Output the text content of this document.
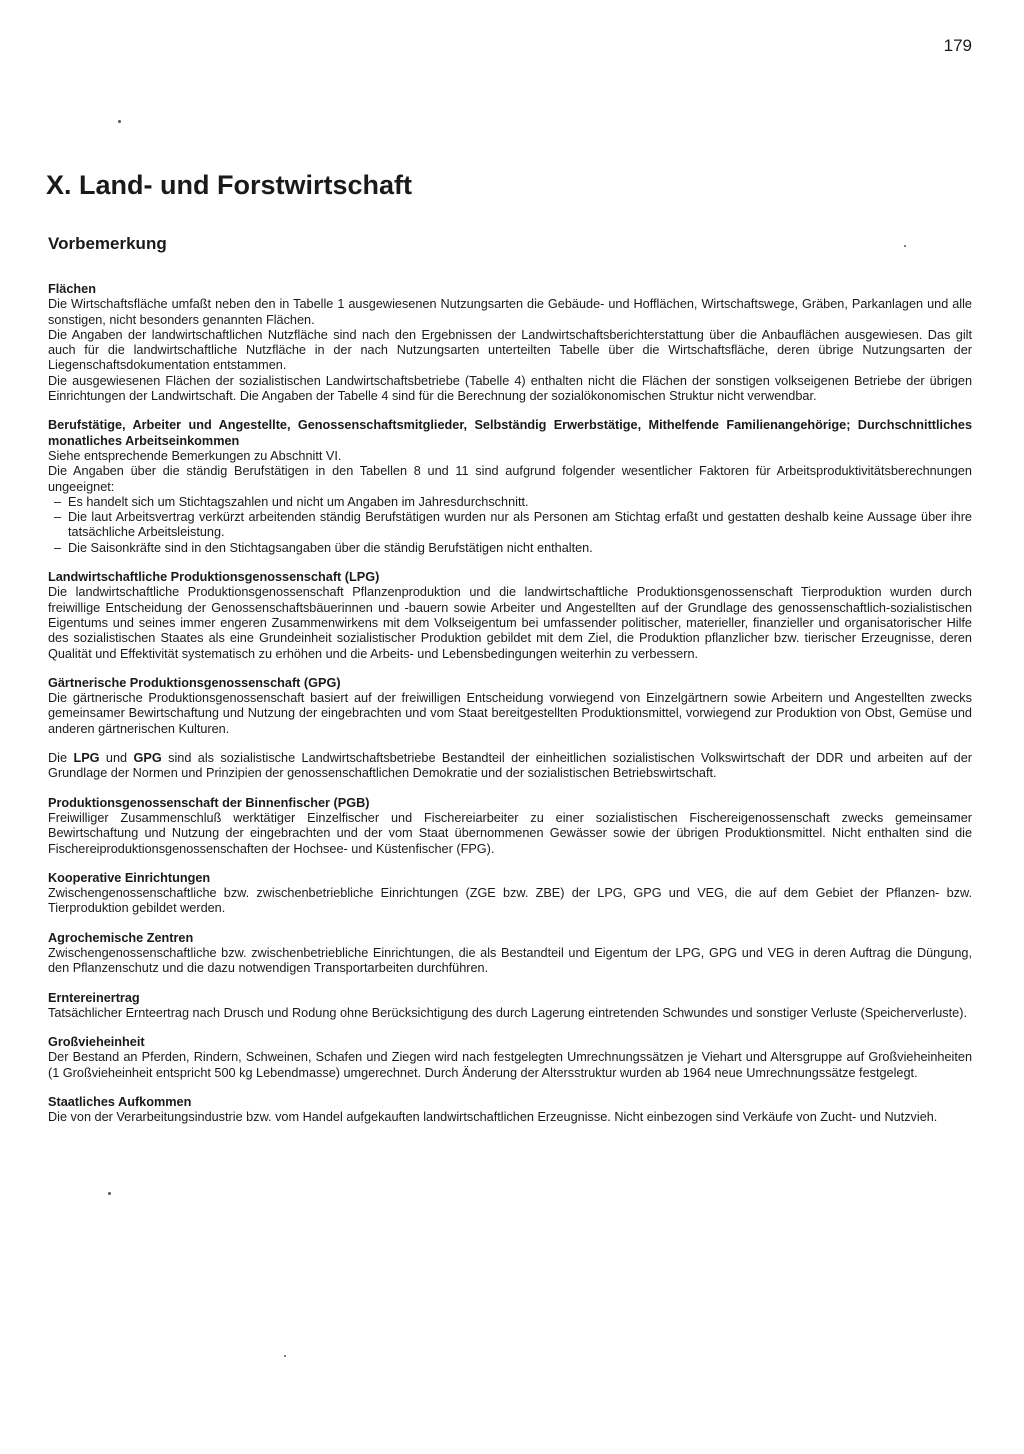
179
X. Land- und Forstwirtschaft
Vorbemerkung
Flächen
Die Wirtschaftsfläche umfaßt neben den in Tabelle 1 ausgewiesenen Nutzungsarten die Gebäude- und Hofflächen, Wirtschaftswege, Gräben, Parkanlagen und alle sonstigen, nicht besonders genannten Flächen.
Die Angaben der landwirtschaftlichen Nutzfläche sind nach den Ergebnissen der Landwirtschaftsberichterstattung über die Anbauflächen ausgewiesen. Das gilt auch für die landwirtschaftliche Nutzfläche in der nach Nutzungsarten unterteilten Tabelle über die Wirtschaftsfläche, deren übrige Nutzungsarten der Liegenschaftsdokumentation entstammen.
Die ausgewiesenen Flächen der sozialistischen Landwirtschaftsbetriebe (Tabelle 4) enthalten nicht die Flächen der sonstigen volkseigenen Betriebe der übrigen Einrichtungen der Landwirtschaft. Die Angaben der Tabelle 4 sind für die Berechnung der sozialökonomischen Struktur nicht verwendbar.
Berufstätige, Arbeiter und Angestellte, Genossenschaftsmitglieder, Selbständig Erwerbstätige, Mithelfende Familienangehörige; Durchschnittliches monatliches Arbeitseinkommen
Siehe entsprechende Bemerkungen zu Abschnitt VI.
Die Angaben über die ständig Berufstätigen in den Tabellen 8 und 11 sind aufgrund folgender wesentlicher Faktoren für Arbeitsproduktivitätsberechnungen ungeeignet:
– Es handelt sich um Stichtagszahlen und nicht um Angaben im Jahresdurchschnitt.
– Die laut Arbeitsvertrag verkürzt arbeitenden ständig Berufstätigen wurden nur als Personen am Stichtag erfaßt und gestatten deshalb keine Aussage über ihre tatsächliche Arbeitsleistung.
– Die Saisonkräfte sind in den Stichtagsangaben über die ständig Berufstätigen nicht enthalten.
Landwirtschaftliche Produktionsgenossenschaft (LPG)
Die landwirtschaftliche Produktionsgenossenschaft Pflanzenproduktion und die landwirtschaftliche Produktionsgenossenschaft Tierproduktion wurden durch freiwillige Entscheidung der Genossenschaftsbäuerinnen und -bauern sowie Arbeiter und Angestellten auf der Grundlage des genossenschaftlich-sozialistischen Eigentums und seines immer engeren Zusammenwirkens mit dem Volkseigentum bei umfassender politischer, materieller, finanzieller und organisatorischer Hilfe des sozialistischen Staates als eine Grundeinheit sozialistischer Produktion gebildet mit dem Ziel, die Produktion pflanzlicher bzw. tierischer Erzeugnisse, deren Qualität und Effektivität systematisch zu erhöhen und die Arbeits- und Lebensbedingungen weiterhin zu verbessern.
Gärtnerische Produktionsgenossenschaft (GPG)
Die gärtnerische Produktionsgenossenschaft basiert auf der freiwilligen Entscheidung vorwiegend von Einzelgärtnern sowie Arbeitern und Angestellten zwecks gemeinsamer Bewirtschaftung und Nutzung der eingebrachten und vom Staat bereitgestellten Produktionsmittel, vorwiegend zur Produktion von Obst, Gemüse und anderen gärtnerischen Kulturen.
Die LPG und GPG sind als sozialistische Landwirtschaftsbetriebe Bestandteil der einheitlichen sozialistischen Volkswirtschaft der DDR und arbeiten auf der Grundlage der Normen und Prinzipien der genossenschaftlichen Demokratie und der sozialistischen Betriebswirtschaft.
Produktionsgenossenschaft der Binnenfischer (PGB)
Freiwilliger Zusammenschluß werktätiger Einzelfischer und Fischereiarbeiter zu einer sozialistischen Fischereigenossenschaft zwecks gemeinsamer Bewirtschaftung und Nutzung der eingebrachten und der vom Staat übernommenen Gewässer sowie der übrigen Produktionsmittel. Nicht enthalten sind die Fischereiproduktionsgenossenschaften der Hochsee- und Küstenfischer (FPG).
Kooperative Einrichtungen
Zwischengenossenschaftliche bzw. zwischenbetriebliche Einrichtungen (ZGE bzw. ZBE) der LPG, GPG und VEG, die auf dem Gebiet der Pflanzen- bzw. Tierproduktion gebildet werden.
Agrochemische Zentren
Zwischengenossenschaftliche bzw. zwischenbetriebliche Einrichtungen, die als Bestandteil und Eigentum der LPG, GPG und VEG in deren Auftrag die Düngung, den Pflanzenschutz und die dazu notwendigen Transportarbeiten durchführen.
Erntereinertrag
Tatsächlicher Ernteertrag nach Drusch und Rodung ohne Berücksichtigung des durch Lagerung eintretenden Schwundes und sonstiger Verluste (Speicherverluste).
Großvieheinheit
Der Bestand an Pferden, Rindern, Schweinen, Schafen und Ziegen wird nach festgelegten Umrechnungssätzen je Viehart und Altersgruppe auf Großvieheinheiten (1 Großvieheinheit entspricht 500 kg Lebendmasse) umgerechnet. Durch Änderung der Altersstruktur wurden ab 1964 neue Umrechnungssätze festgelegt.
Staatliches Aufkommen
Die von der Verarbeitungsindustrie bzw. vom Handel aufgekauften landwirtschaftlichen Erzeugnisse. Nicht einbezogen sind Verkäufe von Zucht- und Nutzvieh.
